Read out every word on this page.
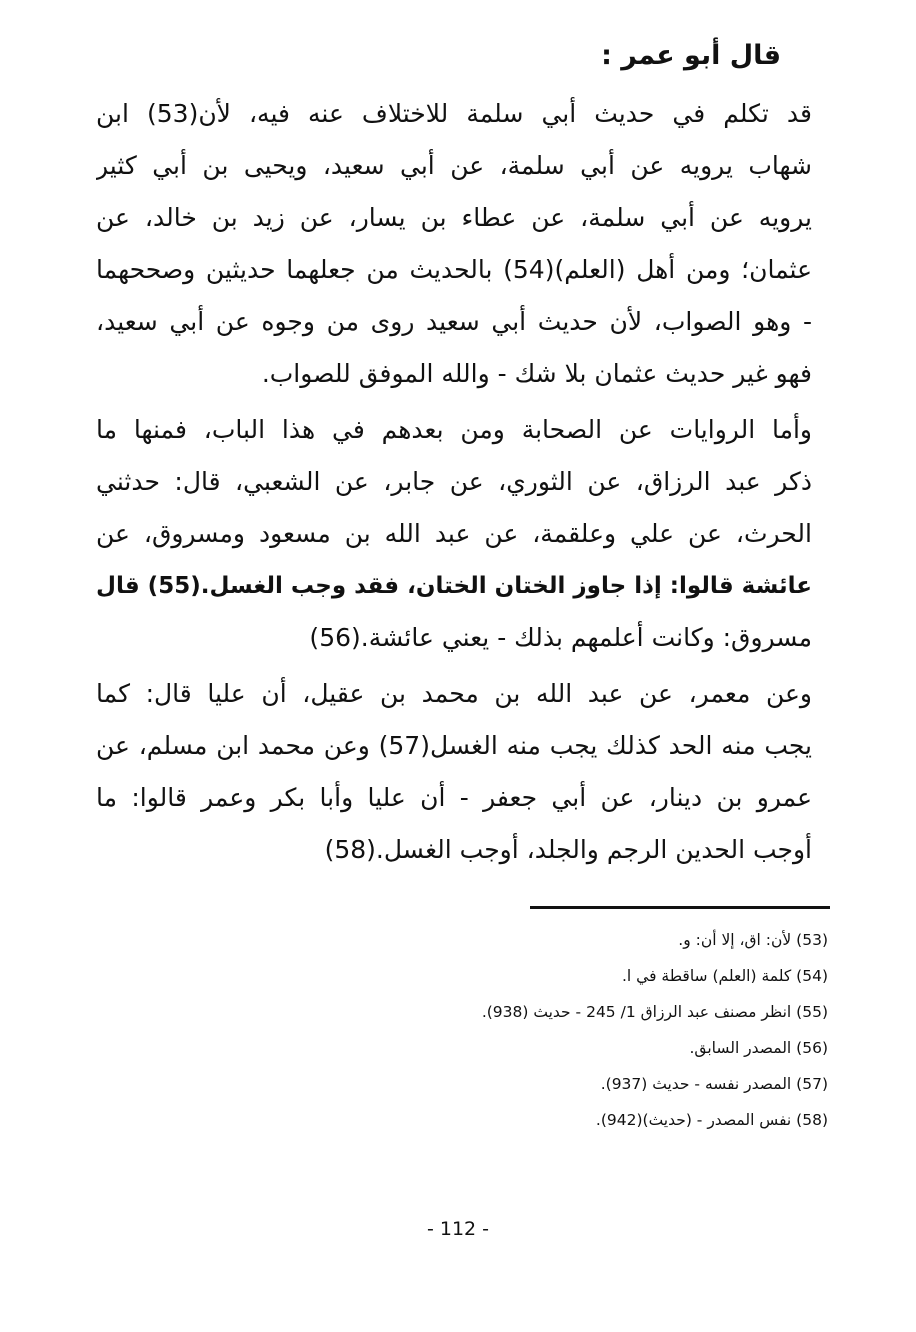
قال أبو عمر :

قد تكلم في حديث أبي سلمة للاختلاف عنه فيه، لأن(53) ابن

شهاب يرويه عن أبي سلمة، عن أبي سعيد، ويحيى بن أبي كثير

يرويه عن أبي سلمة، عن عطاء بن يسار، عن زيد بن خالد، عن

عثمان؛ ومن أهل (العلم)(54) بالحديث من جعلهما حديثين وصححهما

- وهو الصواب، لأن حديث أبي سعيد روى من وجوه عن أبي سعيد،

فهو غير حديث عثمان بلا شك - والله الموفق للصواب.

وأما الروايات عن الصحابة ومن بعدهم في هذا الباب، فمنها ما

ذكر عبد الرزاق، عن الثوري، عن جابر، عن الشعبي، قال: حدثني

الحرث، عن علي وعلقمة، عن عبد الله بن مسعود ومسروق، عن

عائشة قالوا: إذا جاوز الختان الختان، فقد وجب الغسل.(55) قال

مسروق: وكانت أعلمهم بذلك - يعني عائشة.(56)

وعن معمر، عن عبد الله بن محمد بن عقيل، أن عليا قال: كما

يجب منه الحد كذلك يجب منه الغسل(57) وعن محمد ابن مسلم، عن

عمرو بن دينار، عن أبي جعفر - أن عليا وأبا بكر وعمر قالوا: ما

أوجب الحدين الرجم والجلد، أوجب الغسل.(58)

(53) لأن: اق، إلا أن: و.
(54) كلمة (العلم) ساقطة في ا.
(55) انظر مصنف عبد الرزاق 1/ 245 - حديث (938).
(56) المصدر السابق.
(57) المصدر نفسه - حديث (937).
(58) نفس المصدر - (حديث)(942).
- 112 -
